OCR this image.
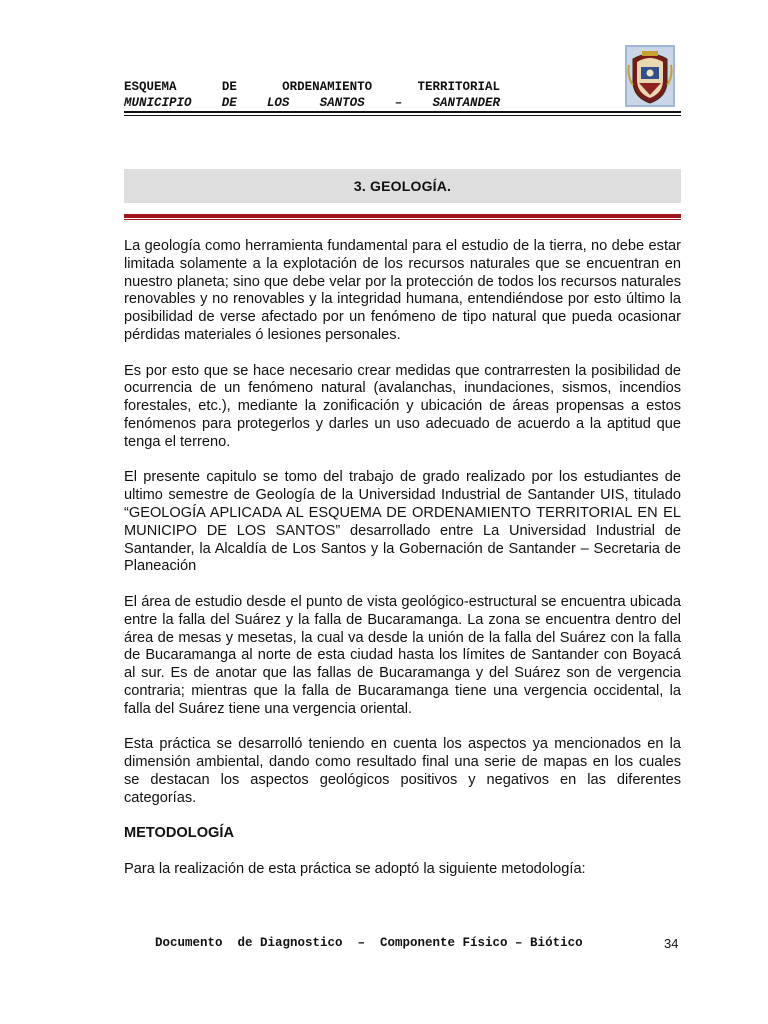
ESQUEMA	DE	ORDENAMIENTO	TERRITORIAL
MUNICIPIO DE LOS SANTOS – SANTANDER
3. GEOLOGÍA.

La geología como herramienta fundamental para el estudio de la tierra, no debe estar limitada solamente a la explotación de los recursos naturales que se encuentran en nuestro planeta; sino que debe velar por la protección de todos los recursos naturales renovables y no renovables y la integridad humana, entendiéndose por esto último la posibilidad de verse afectado por un fenómeno de tipo natural que pueda ocasionar pérdidas materiales ó lesiones personales.

Es por esto que se hace necesario crear medidas que contrarresten la posibilidad de ocurrencia de un fenómeno natural (avalanchas, inundaciones, sismos, incendios forestales, etc.), mediante la zonificación y ubicación de áreas propensas a estos fenómenos para protegerlos y darles un uso adecuado de acuerdo a la aptitud que tenga el terreno.

El presente capitulo se tomo del trabajo de grado realizado por los estudiantes de ultimo semestre de Geología de la Universidad Industrial de Santander UIS, titulado “GEOLOGÍA APLICADA AL ESQUEMA DE ORDENAMIENTO TERRITORIAL EN EL MUNICIPO DE LOS SANTOS” desarrollado entre La Universidad Industrial de Santander, la Alcaldía de Los Santos y la Gobernación de Santander – Secretaria de Planeación

El área de estudio desde el punto de vista geológico-estructural se encuentra ubicada entre la falla del Suárez y la falla de Bucaramanga. La zona se encuentra dentro del área de mesas y mesetas, la cual va desde la unión de la falla del Suárez con la falla de Bucaramanga al norte de esta ciudad hasta los límites de Santander con Boyacá al sur. Es de anotar que las fallas de Bucaramanga y del Suárez son de vergencia contraria; mientras que la falla de Bucaramanga tiene una vergencia occidental, la falla del Suárez tiene una vergencia oriental.

Esta práctica se desarrolló teniendo en cuenta los aspectos ya mencionados en la dimensión ambiental, dando como resultado final una serie de mapas en los cuales se destacan los aspectos geológicos positivos y negativos en las diferentes categorías.

METODOLOGÍA

Para la realización de esta práctica se adoptó la siguiente metodología:

Documento  de Diagnostico  –  Componente Físico – Biótico	34
